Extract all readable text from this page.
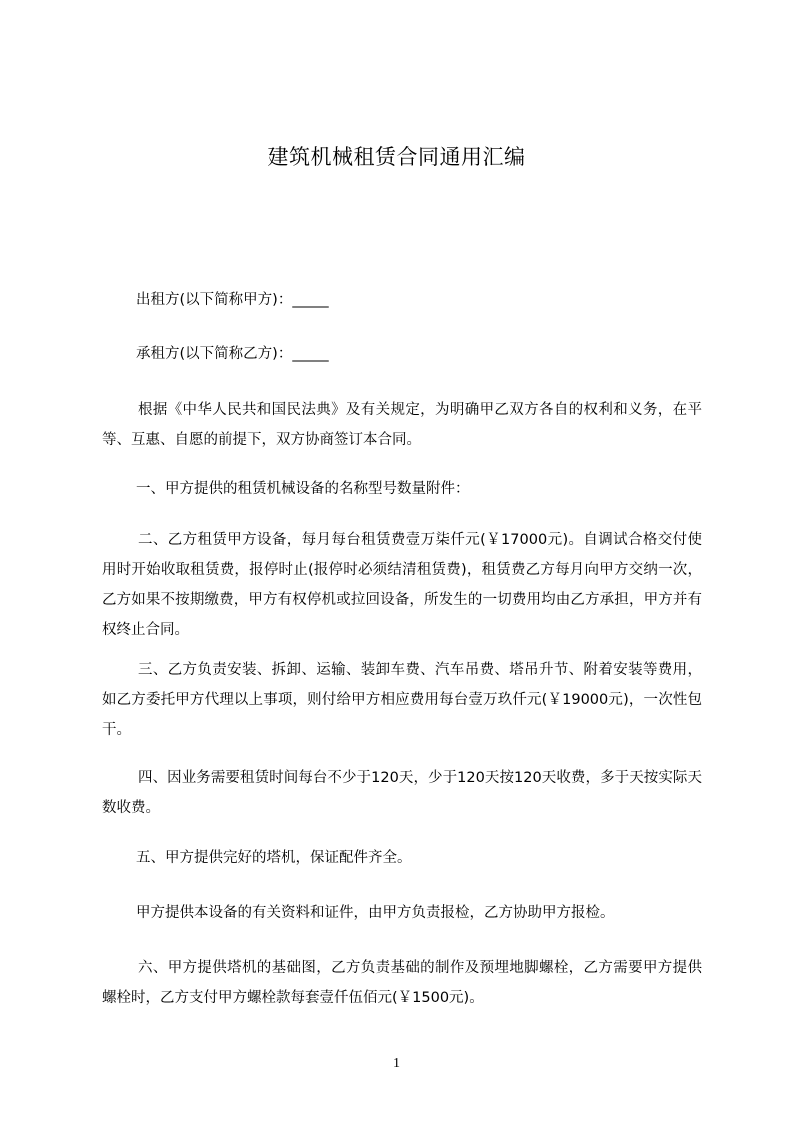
建筑机械租赁合同通用汇编

出租方(以下简称甲方)：_____

承租方(以下简称乙方)：_____

根据《中华人民共和国民法典》及有关规定，为明确甲乙双方各自的权利和义务，在平等、互惠、自愿的前提下，双方协商签订本合同。

一、甲方提供的租赁机械设备的名称型号数量附件：

二、乙方租赁甲方设备，每月每台租赁费壹万柒仟元(￥17000元)。自调试合格交付使用时开始收取租赁费，报停时止(报停时必须结清租赁费)，租赁费乙方每月向甲方交纳一次，乙方如果不按期缴费，甲方有权停机或拉回设备，所发生的一切费用均由乙方承担，甲方并有权终止合同。

三、乙方负责安装、拆卸、运输、装卸车费、汽车吊费、塔吊升节、附着安装等费用，如乙方委托甲方代理以上事项，则付给甲方相应费用每台壹万玖仟元(￥19000元)，一次性包干。

四、因业务需要租赁时间每台不少于120天，少于120天按120天收费，多于天按实际天数收费。

五、甲方提供完好的塔机，保证配件齐全。

甲方提供本设备的有关资料和证件，由甲方负责报检，乙方协助甲方报检。

六、甲方提供塔机的基础图，乙方负责基础的制作及预埋地脚螺栓，乙方需要甲方提供螺栓时，乙方支付甲方螺栓款每套壹仟伍佰元(￥1500元)。

1
